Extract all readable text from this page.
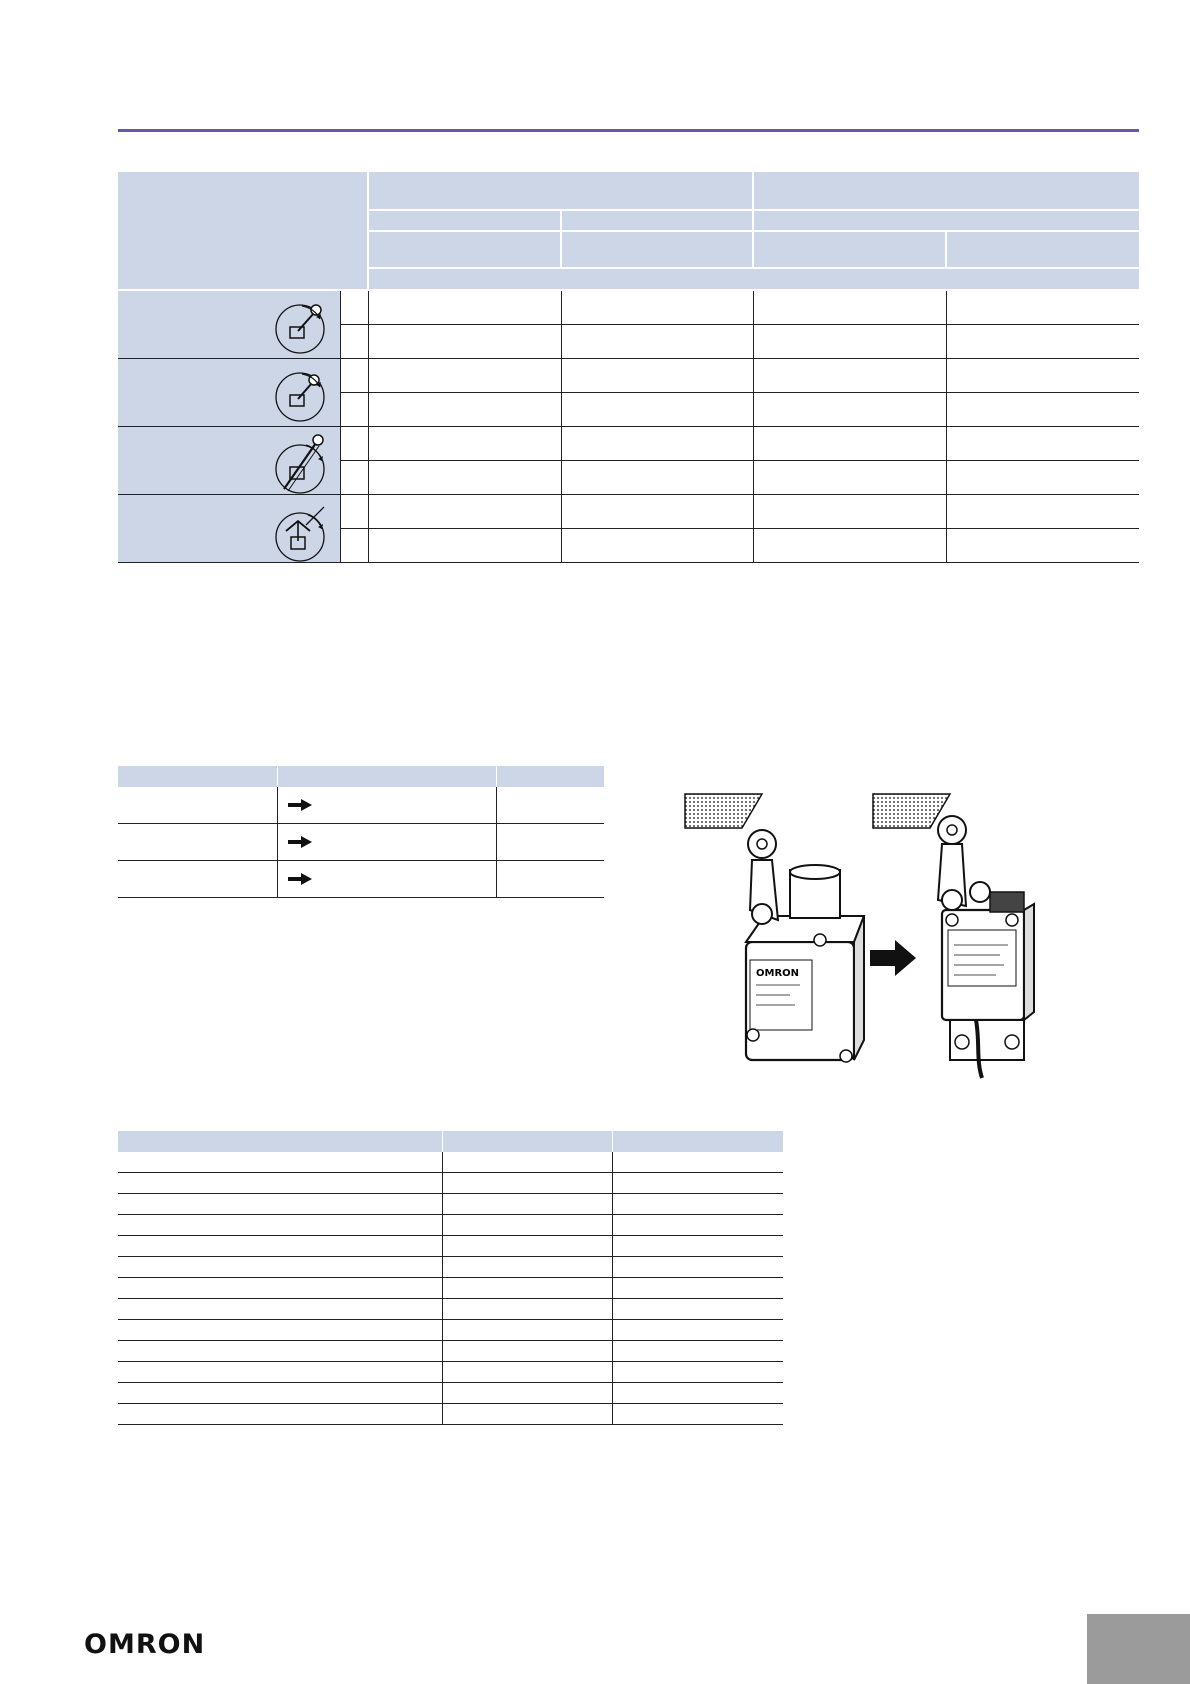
OMRON

OMRON
